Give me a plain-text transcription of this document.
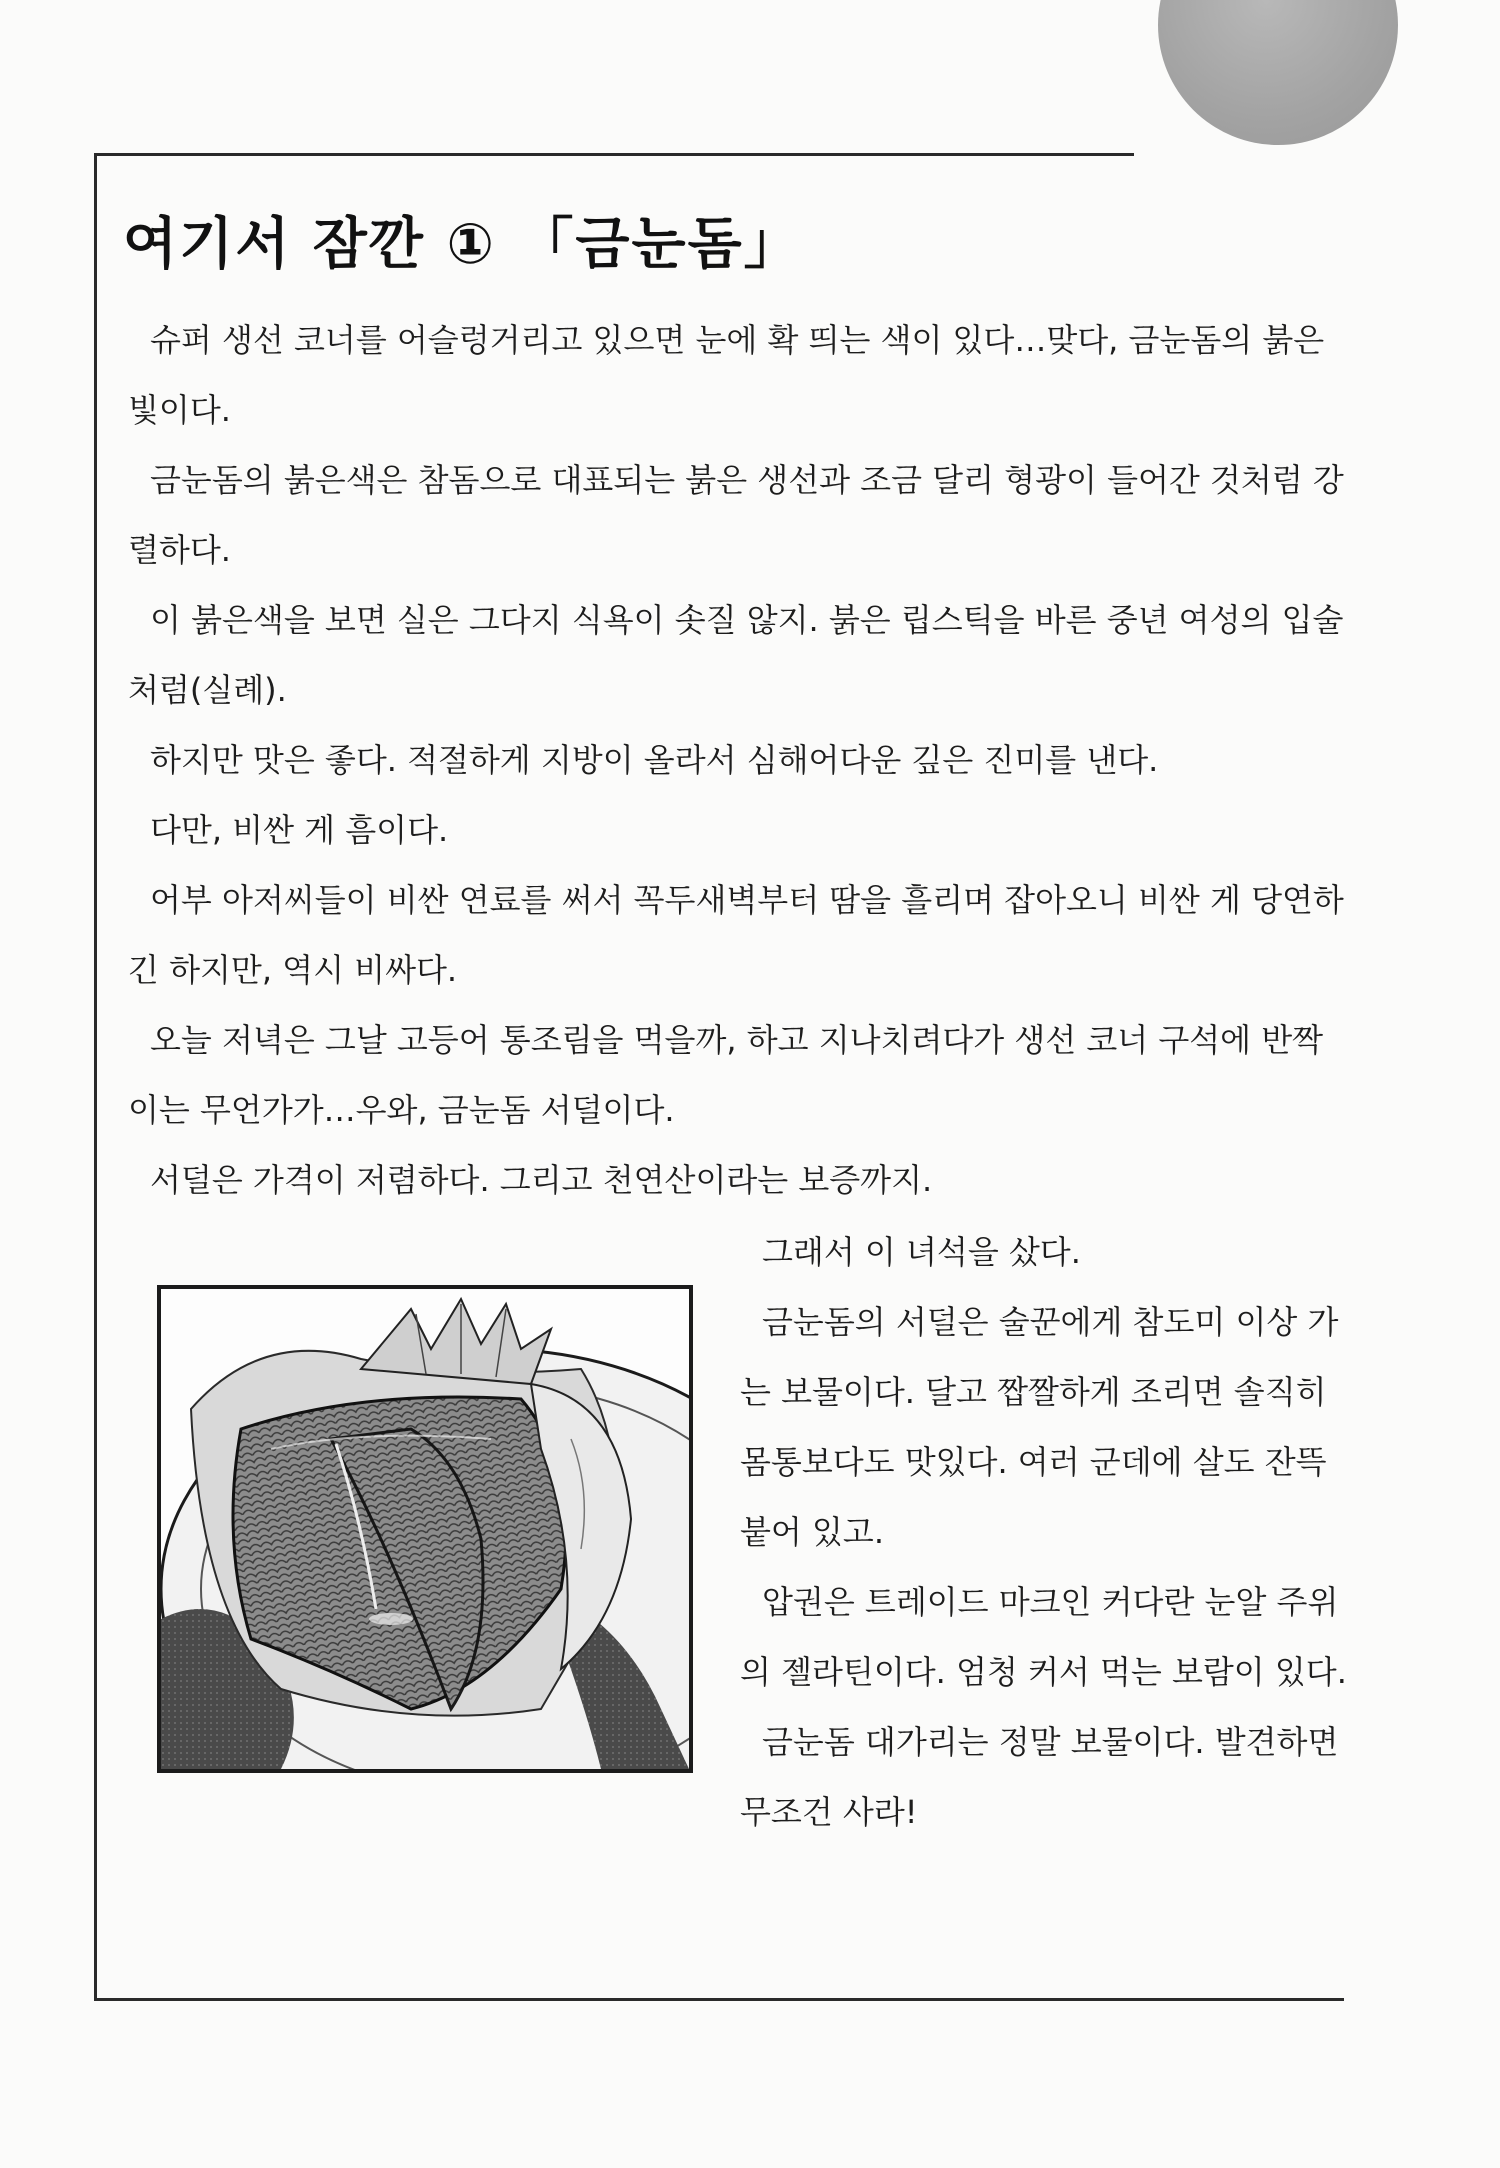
여기서 잠깐 ① 「금눈돔」

슈퍼 생선 코너를 어슬렁거리고 있으면 눈에 확 띄는 색이 있다…맞다, 금눈돔의 붉은빛이다.

금눈돔의 붉은색은 참돔으로 대표되는 붉은 생선과 조금 달리 형광이 들어간 것처럼 강렬하다.

이 붉은색을 보면 실은 그다지 식욕이 솟질 않지. 붉은 립스틱을 바른 중년 여성의 입술처럼(실례).

하지만 맛은 좋다. 적절하게 지방이 올라서 심해어다운 깊은 진미를 낸다.

다만, 비싼 게 흠이다.

어부 아저씨들이 비싼 연료를 써서 꼭두새벽부터 땀을 흘리며 잡아오니 비싼 게 당연하긴 하지만, 역시 비싸다.

오늘 저녁은 그날 고등어 통조림을 먹을까, 하고 지나치려다가 생선 코너 구석에 반짝이는 무언가가…우와, 금눈돔 서덜이다.

서덜은 가격이 저렴하다. 그리고 천연산이라는 보증까지.

그래서 이 녀석을 샀다.

금눈돔의 서덜은 술꾼에게 참도미 이상 가는 보물이다. 달고 짭짤하게 조리면 솔직히 몸통보다도 맛있다. 여러 군데에 살도 잔뜩 붙어 있고.

압권은 트레이드 마크인 커다란 눈알 주위의 젤라틴이다. 엄청 커서 먹는 보람이 있다.

금눈돔 대가리는 정말 보물이다. 발견하면 무조건 사라!
